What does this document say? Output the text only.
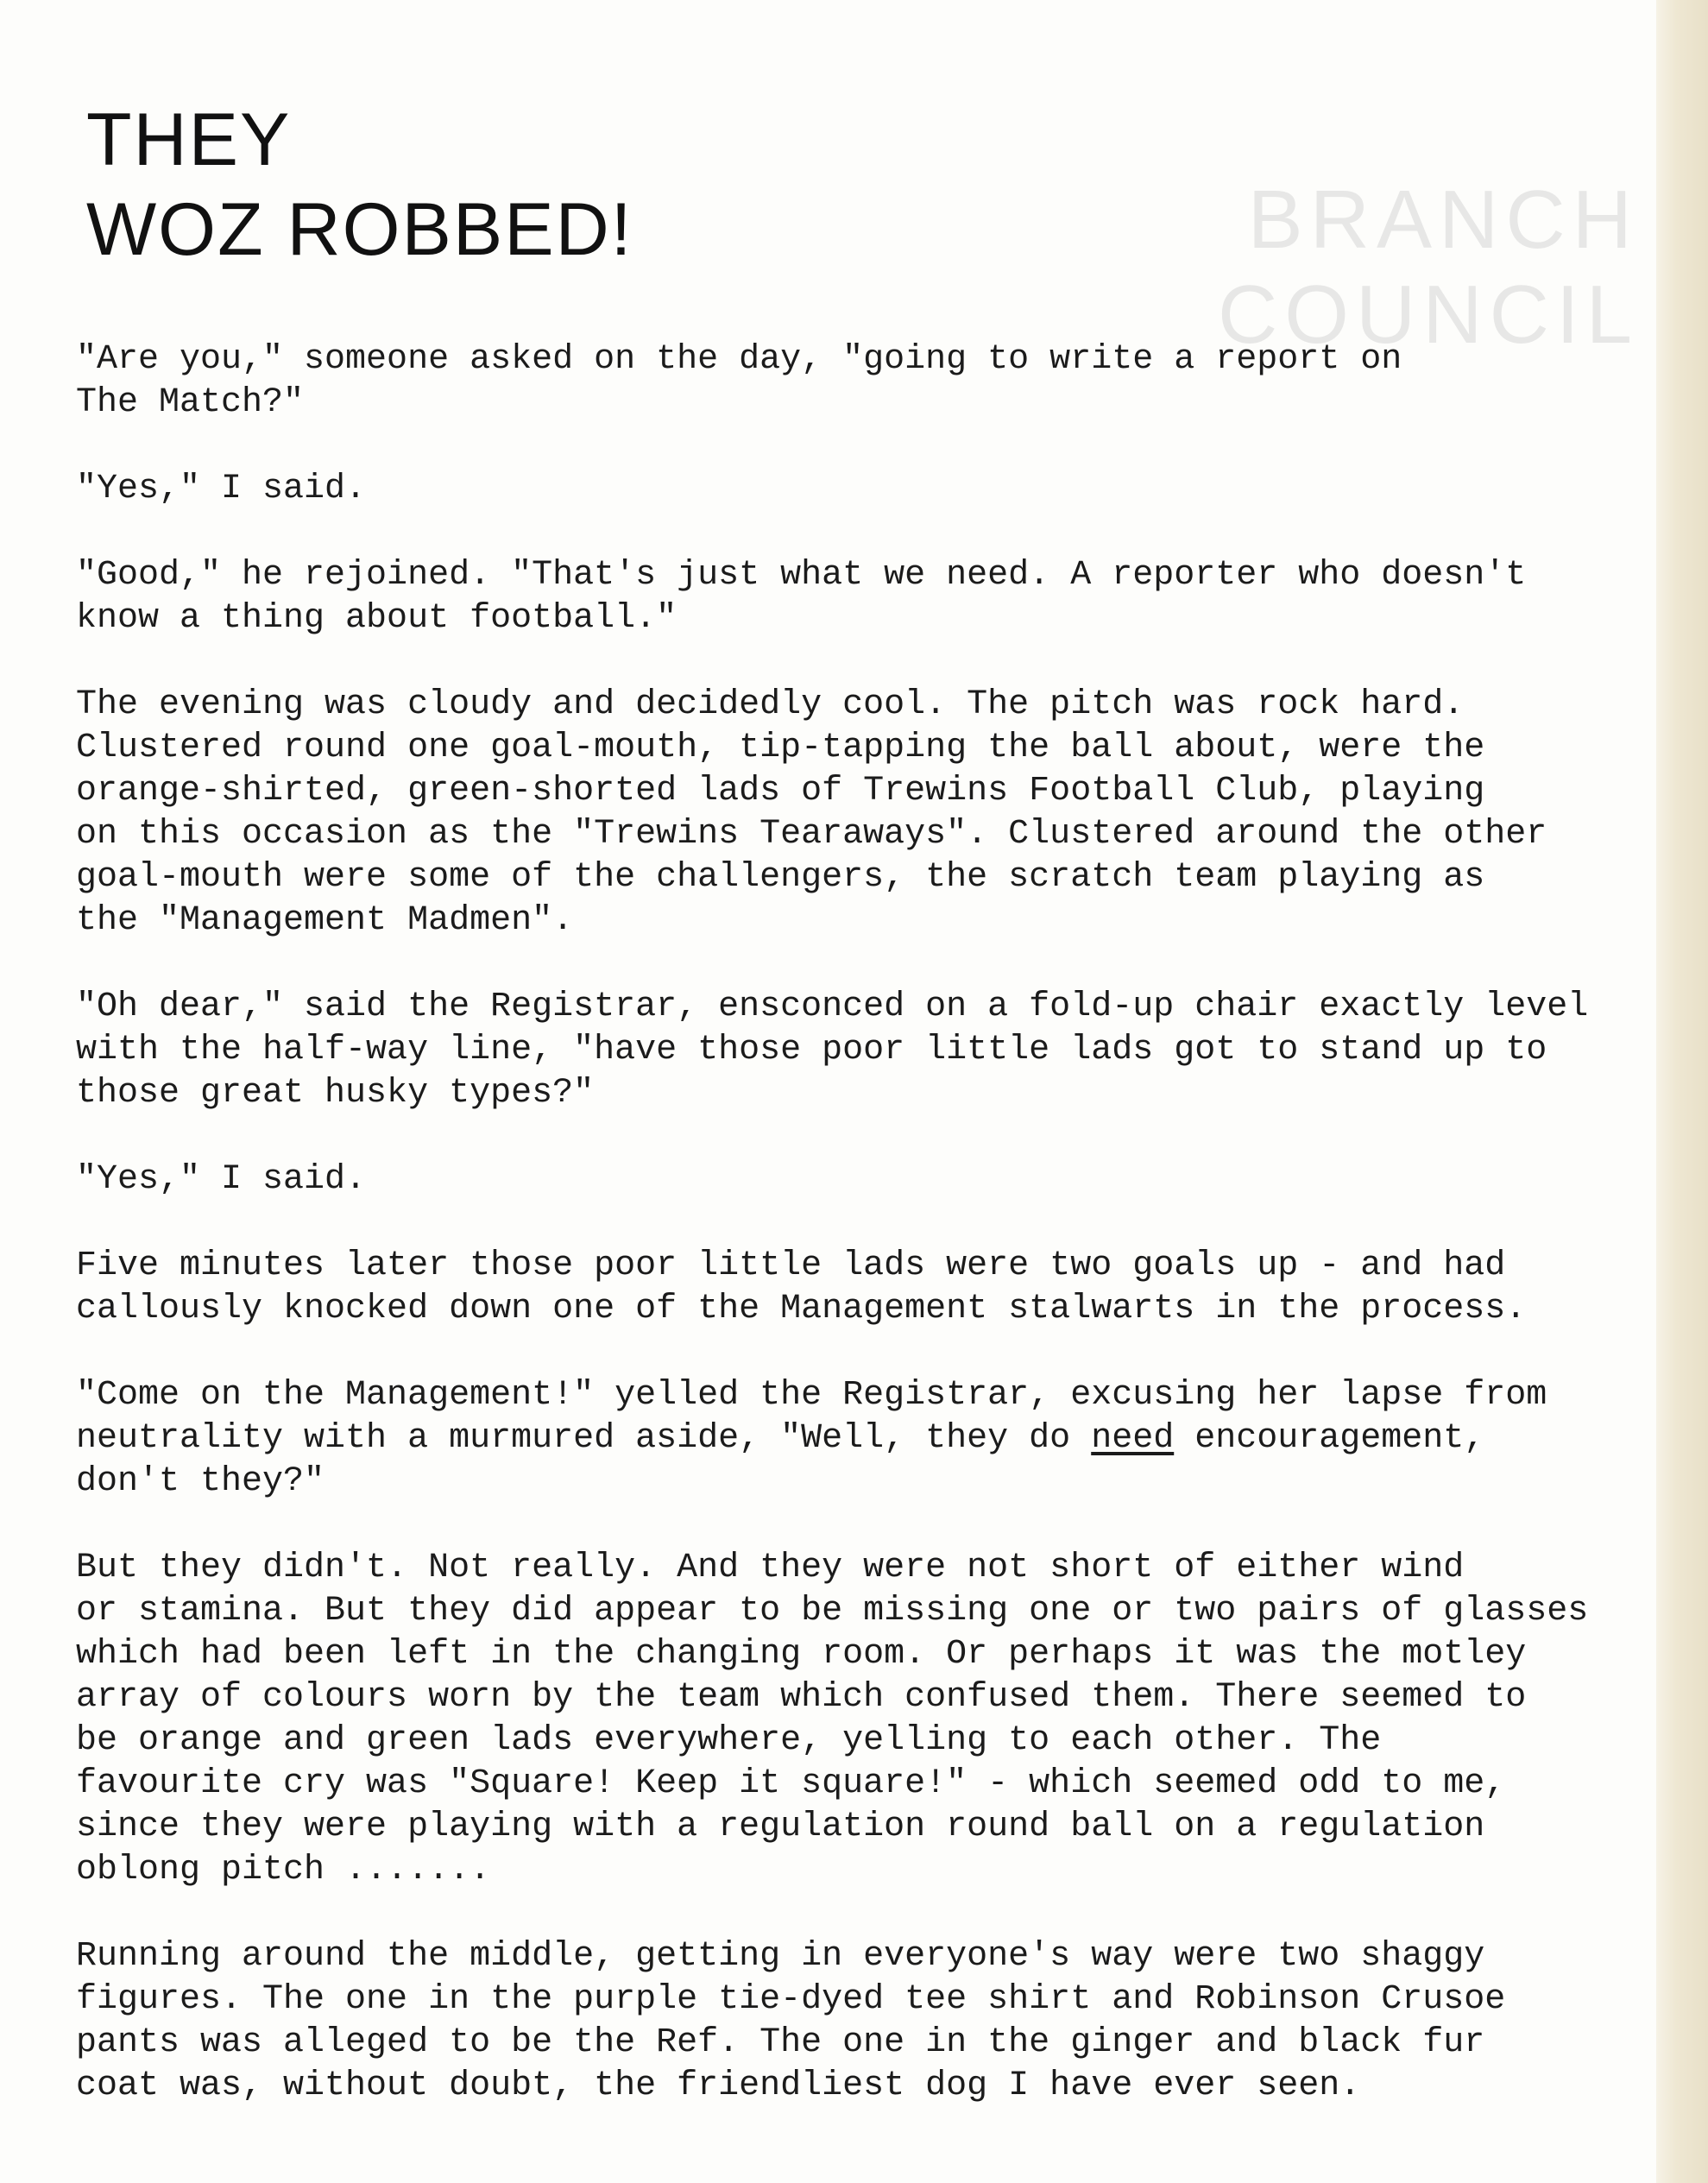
BRANCH
COUNCIL
THEY
WOZ ROBBED!
"Are you," someone asked on the day, "going to write a report on
The Match?"
"Yes," I said.
"Good," he rejoined. "That's just what we need. A reporter who doesn't
know a thing about football."
The evening was cloudy and decidedly cool. The pitch was rock hard.
Clustered round one goal-mouth, tip-tapping the ball about, were the
orange-shirted, green-shorted lads of Trewins Football Club, playing
on this occasion as the "Trewins Tearaways". Clustered around the other
goal-mouth were some of the challengers, the scratch team playing as
the "Management Madmen".
"Oh dear," said the Registrar, ensconced on a fold-up chair exactly level
with the half-way line, "have those poor little lads got to stand up to
those great husky types?"
"Yes," I said.
Five minutes later those poor little lads were two goals up - and had
callously knocked down one of the Management stalwarts in the process.
"Come on the Management!" yelled the Registrar, excusing her lapse from
neutrality with a murmured aside, "Well, they do need encouragement,
don't they?"
But they didn't. Not really. And they were not short of either wind
or stamina. But they did appear to be missing one or two pairs of glasses
which had been left in the changing room. Or perhaps it was the motley
array of colours worn by the team which confused them. There seemed to
be orange and green lads everywhere, yelling to each other. The
favourite cry was "Square! Keep it square!" - which seemed odd to me,
since they were playing with a regulation round ball on a regulation
oblong pitch .......
Running around the middle, getting in everyone's way were two shaggy
figures. The one in the purple tie-dyed tee shirt and Robinson Crusoe
pants was alleged to be the Ref. The one in the ginger and black fur
coat was, without doubt, the friendliest dog I have ever seen.
